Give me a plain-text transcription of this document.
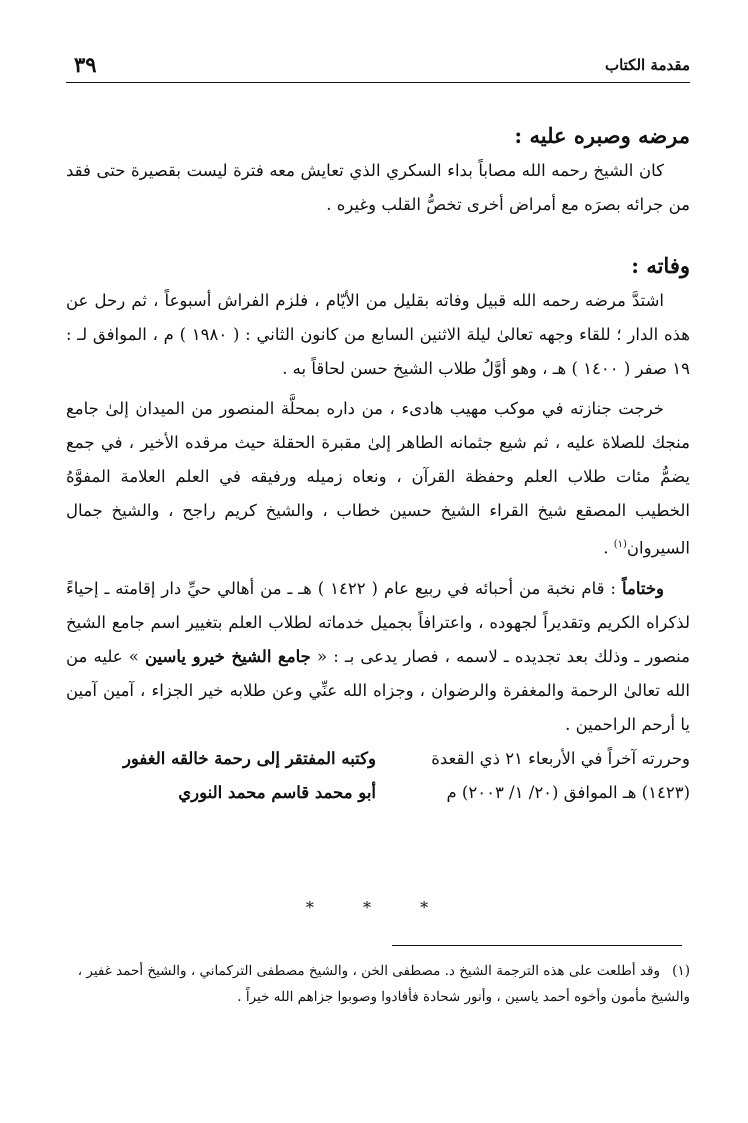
مقدمة الكتاب
٣٩
مرضه وصبره عليه :

كان الشيخ رحمه الله مصاباً بداء السكري الذي تعايش معه فترة ليست بقصيرة حتى فقد من جرائه بصرَه مع أمراض أخرى تخصُّ القلب وغيره .

وفاته :

اشتدَّ مرضه رحمه الله قبيل وفاته بقليل من الأيّام ، فلزم الفراش أسبوعاً ، ثم رحل عن هذه الدار ؛ للقاء وجهه تعالىٰ ليلة الاثنين السابع من كانون الثاني : ( ١٩٨٠ ) م ، الموافق لـ : ١٩ صفر ( ١٤٠٠ ) هـ ، وهو أوَّلُ طلاب الشيخ حسن لحاقاً به .

خرجت جنازته في موكب مهيب هادىء ، من داره بمحلَّة المنصور من الميدان إلىٰ جامع منجك للصلاة عليه ، ثم شيع جثمانه الطاهر إلىٰ مقبرة الحقلة حيث مرقده الأخير ، في جمع يضمُّ مئات طلاب العلم وحفظة القرآن ، ونعاه زميله ورفيقه في العلم العلامة المفوَّهُ الخطيب المصقع شيخ القراء الشيخ حسين خطاب ، والشيخ كريم راجح ، والشيخ جمال السيروان$^{(١)}$ .

وختاماً : قام نخبة من أحبائه في ربيع عام ( ١٤٢٢ ) هـ ـ من أهالي حيِّ دار إقامته ـ إحياءً لذكراه الكريم وتقديراً لجهوده ، واعترافاً بجميل خدماته لطلاب العلم بتغيير اسم جامع الشيخ منصور ـ وذلك بعد تجديده ـ لاسمه ، فصار يدعى بـ : « جامع الشيخ خيرو ياسين » عليه من الله تعالىٰ الرحمة والمغفرة والرضوان ، وجزاه الله عنِّي وعن طلابه خير الجزاء ، آمين آمين يا أرحم الراحمين .

وحررته آخراً في الأربعاء ٢١ ذي القعدة
(١٤٢٣) هـ الموافق (٢٠/ ١/ ٢٠٠٣) م
وكتبه المفتقر إلى رحمة خالقه الغفور
أبو محمد قاسم محمد النوري
* * *
(١)وقد أطلعت على هذه الترجمة الشيخ د. مصطفى الخن ، والشيخ مصطفى التركماني ، والشيخ أحمد غفير ، والشيخ مأمون وأخوه أحمد ياسين ، وأنور شحادة فأفادوا وصوبوا جزاهم الله خيراً .
